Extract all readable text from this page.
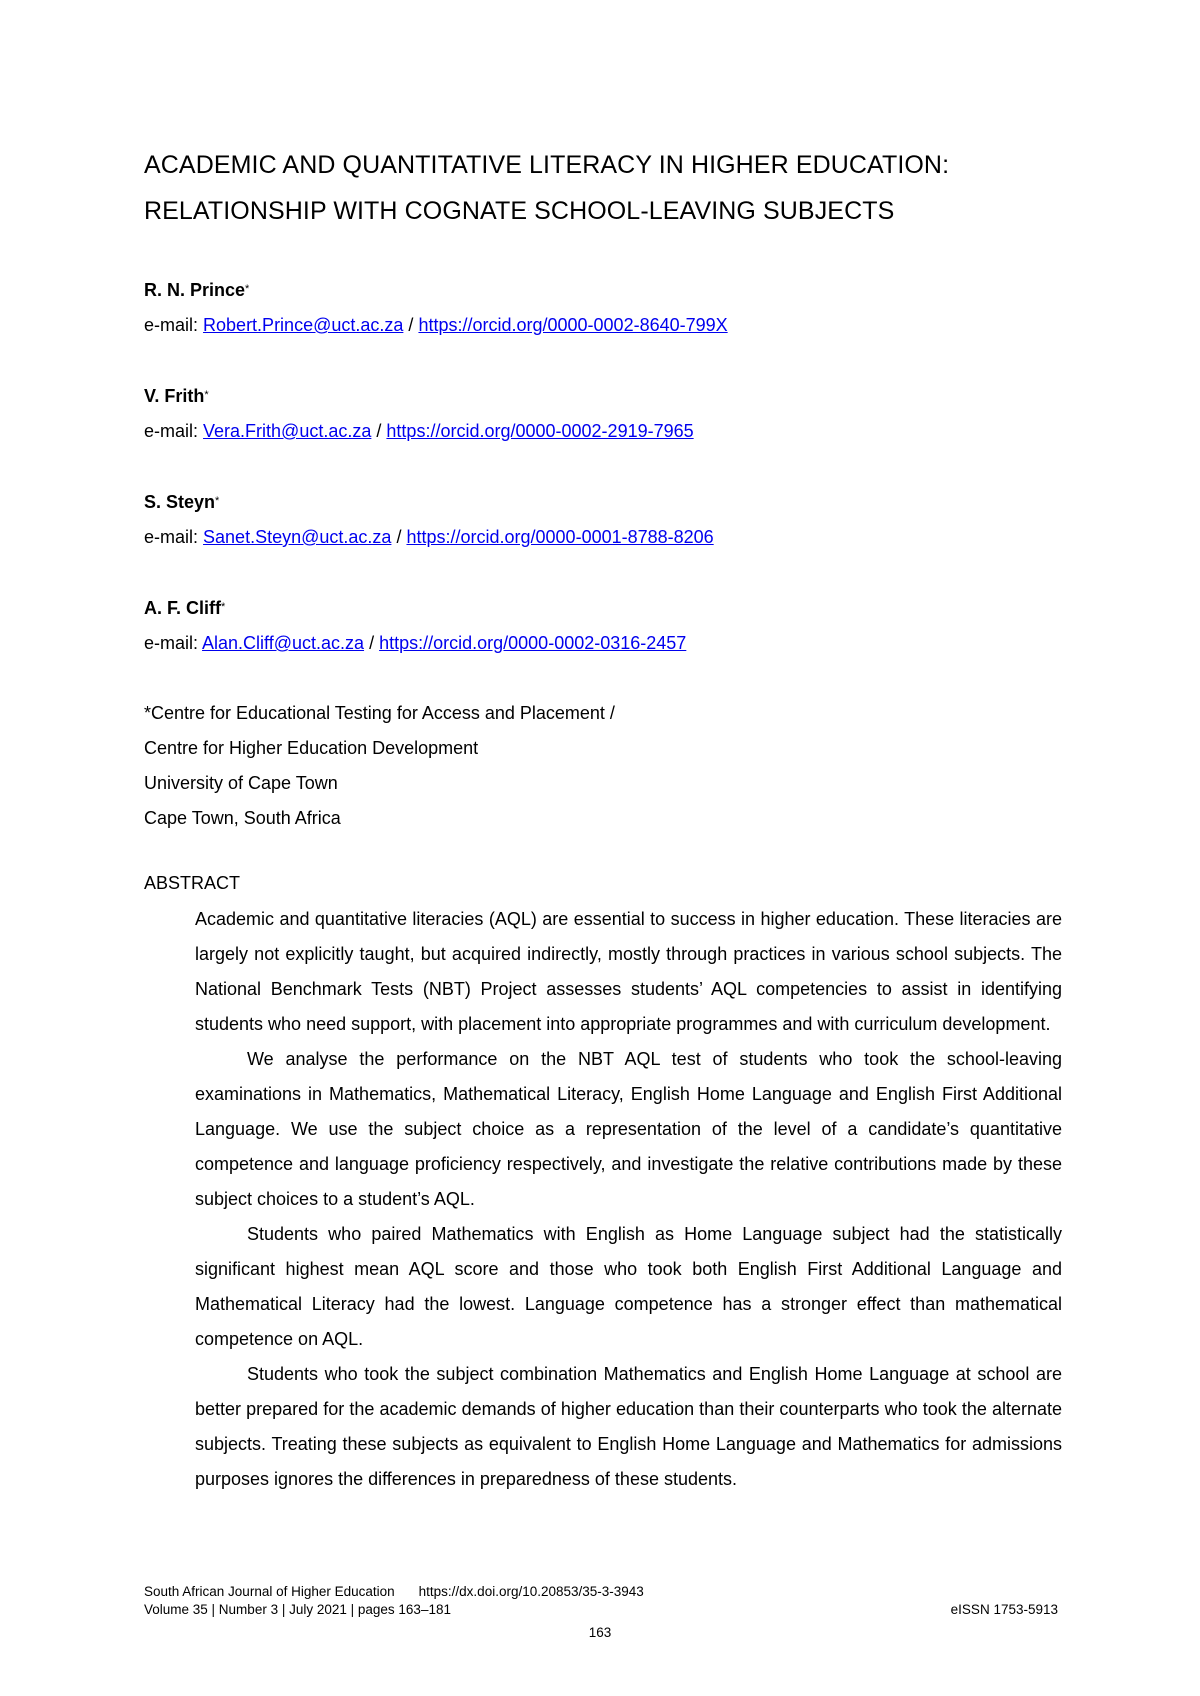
ACADEMIC AND QUANTITATIVE LITERACY IN HIGHER EDUCATION:
RELATIONSHIP WITH COGNATE SCHOOL-LEAVING SUBJECTS
R. N. Prince*
e-mail: Robert.Prince@uct.ac.za / https://orcid.org/0000-0002-8640-799X
V. Frith*
e-mail: Vera.Frith@uct.ac.za / https://orcid.org/0000-0002-2919-7965
S. Steyn*
e-mail: Sanet.Steyn@uct.ac.za / https://orcid.org/0000-0001-8788-8206
A. F. Cliff*
e-mail: Alan.Cliff@uct.ac.za / https://orcid.org/0000-0002-0316-2457
*Centre for Educational Testing for Access and Placement /
Centre for Higher Education Development
University of Cape Town
Cape Town, South Africa
ABSTRACT

Academic and quantitative literacies (AQL) are essential to success in higher education. These literacies are largely not explicitly taught, but acquired indirectly, mostly through practices in various school subjects. The National Benchmark Tests (NBT) Project assesses students’ AQL competencies to assist in identifying students who need support, with placement into appropriate programmes and with curriculum development.

We analyse the performance on the NBT AQL test of students who took the school-leaving examinations in Mathematics, Mathematical Literacy, English Home Language and English First Additional Language. We use the subject choice as a representation of the level of a candidate’s quantitative competence and language proficiency respectively, and investigate the relative contributions made by these subject choices to a student’s AQL.

Students who paired Mathematics with English as Home Language subject had the statistically significant highest mean AQL score and those who took both English First Additional Language and Mathematical Literacy had the lowest. Language competence has a stronger effect than mathematical competence on AQL.

Students who took the subject combination Mathematics and English Home Language at school are better prepared for the academic demands of higher education than their counterparts who took the alternate subjects. Treating these subjects as equivalent to English Home Language and Mathematics for admissions purposes ignores the differences in preparedness of these students.

South African Journal of Higher Education https://dx.doi.org/10.20853/35-3-3943
Volume 35 | Number 3 | July 2021 | pages 163‒181	eISSN 1753-5913
163
